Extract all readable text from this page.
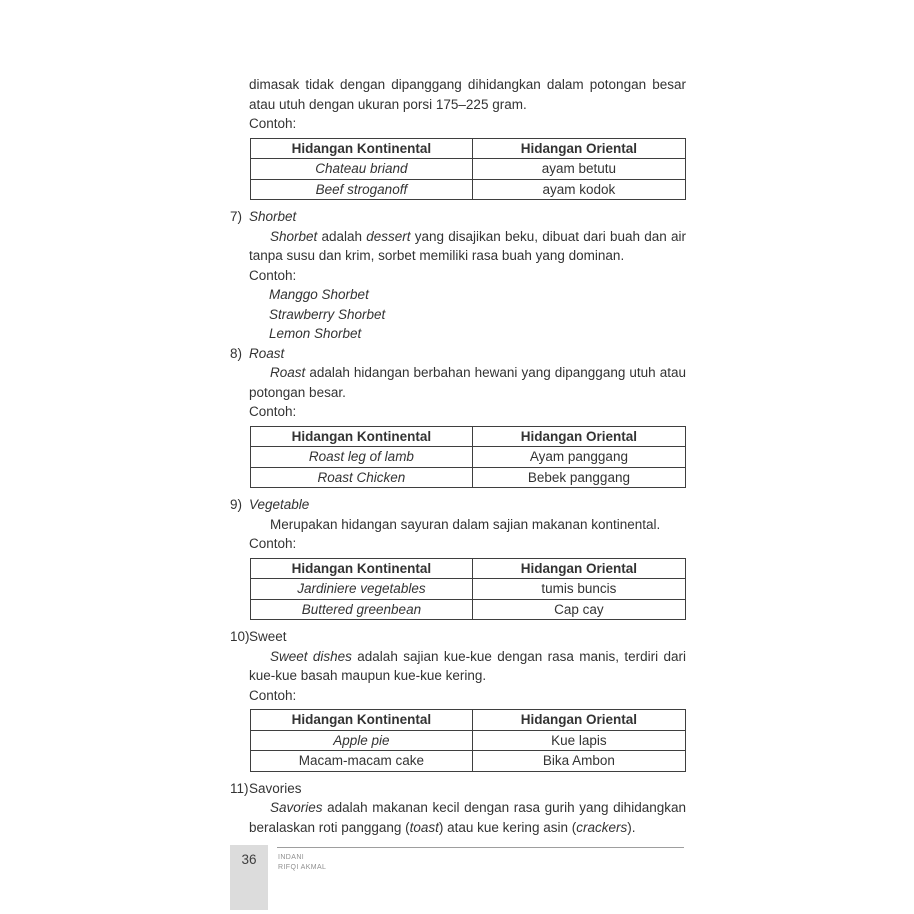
dimasak tidak dengan dipanggang dihidangkan dalam potongan besar atau utuh dengan ukuran porsi 175–225 gram.

Contoh:
Hidangan Kontinental	Hidangan Oriental
Chateau briand	ayam betutu
Beef stroganoff	ayam kodok

7) Shorbet

Shorbet adalah dessert yang disajikan beku, dibuat dari buah dan air tanpa susu dan krim, sorbet memiliki rasa buah yang dominan.

Contoh:
Manggo Shorbet
Strawberry Shorbet
Lemon Shorbet

8) Roast

Roast adalah hidangan berbahan hewani yang dipanggang utuh atau potongan besar.

Contoh:
Hidangan Kontinental	Hidangan Oriental
Roast leg of lamb	Ayam panggang
Roast Chicken	Bebek panggang

9) Vegetable

Merupakan hidangan sayuran dalam sajian makanan kontinental.

Contoh:
Hidangan Kontinental	Hidangan Oriental
Jardiniere vegetables	tumis buncis
Buttered greenbean	Cap cay

10) Sweet

Sweet dishes adalah sajian kue-kue dengan rasa manis, terdiri dari kue-kue basah maupun kue-kue kering.

Contoh:
Hidangan Kontinental	Hidangan Oriental
Apple pie	Kue lapis
Macam-macam cake	Bika Ambon

11) Savories

Savories adalah makanan kecil dengan rasa gurih yang dihidangkan beralaskan roti panggang (toast) atau kue kering asin (crackers).

36	INDANI
RIFQI AKMAL
